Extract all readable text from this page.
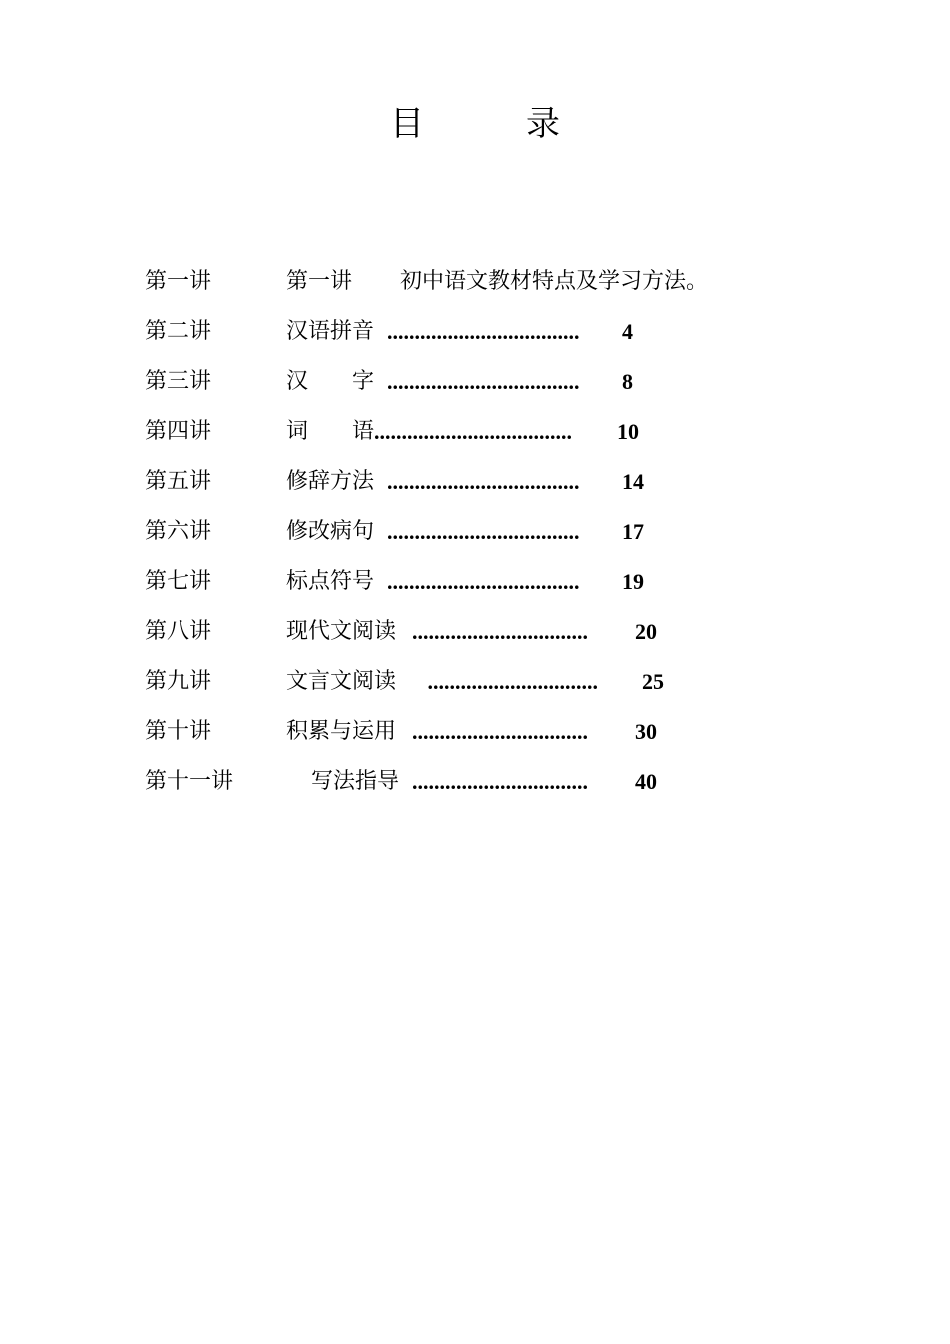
目　　　录
第一讲	第一讲 初中语文教材特点及学习方法。
第二讲	汉语拼音 ................................... 4
第三讲	汉　　字 ................................... 8
第四讲	词　　语 .................................... 10
第五讲	修辞方法 ................................... 14
第六讲	修改病句 ................................... 17
第七讲	标点符号 ................................... 19
第八讲	现代文阅读 ................................ 20
第九讲	文言文阅读 ............................... 25
第十讲	积累与运用 ................................ 30
第十一讲	写法指导 ................................ 40
